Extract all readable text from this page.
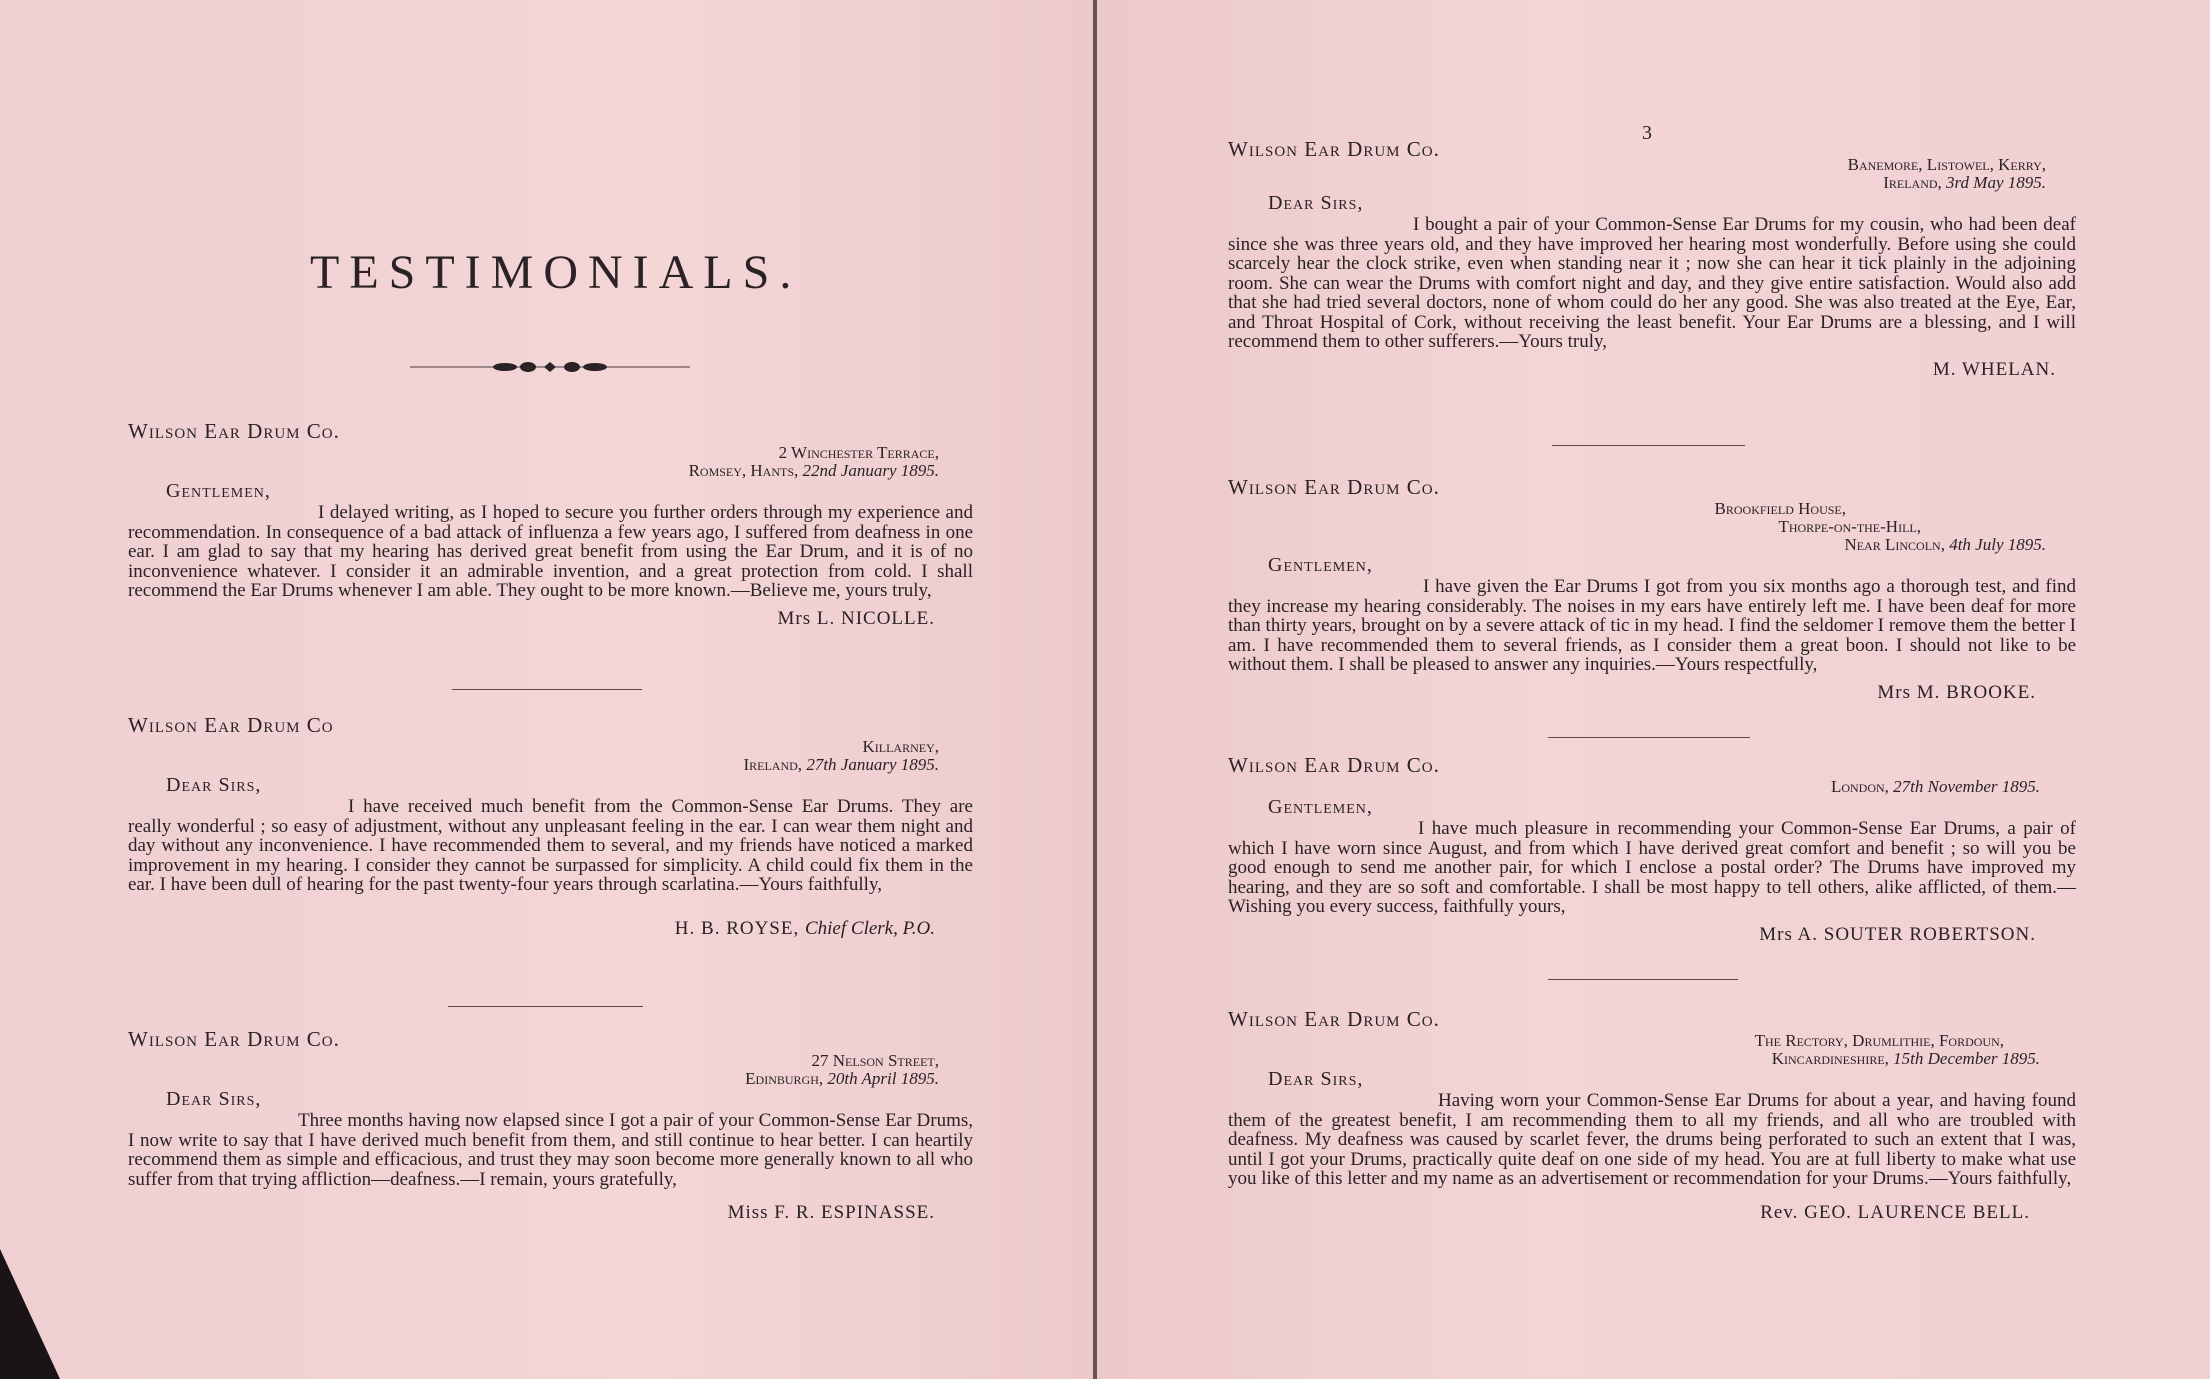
TESTIMONIALS.
Wilson Ear Drum Co.
2 Winchester Terrace,
Romsey, Hants, 22nd January 1895.
Gentlemen,
I delayed writing, as I hoped to secure you further orders through my experience and recommendation. In consequence of a bad attack of influenza a few years ago, I suffered from deafness in one ear. I am glad to say that my hearing has derived great benefit from using the Ear Drum, and it is of no inconvenience whatever. I consider it an admirable invention, and a great protection from cold. I shall recommend the Ear Drums whenever I am able. They ought to be more known.—Believe me, yours truly,
Mrs L. NICOLLE.
Wilson Ear Drum Co
Killarney,
Ireland, 27th January 1895.
Dear Sirs,
I have received much benefit from the Common-Sense Ear Drums. They are really wonderful ; so easy of adjustment, without any unpleasant feeling in the ear. I can wear them night and day without any inconvenience. I have recommended them to several, and my friends have noticed a marked improvement in my hearing. I consider they cannot be surpassed for simplicity. A child could fix them in the ear. I have been dull of hearing for the past twenty-four years through scarlatina.—Yours faithfully,
H. B. ROYSE, Chief Clerk, P.O.
Wilson Ear Drum Co.
27 Nelson Street,
Edinburgh, 20th April 1895.
Dear Sirs,
Three months having now elapsed since I got a pair of your Common-Sense Ear Drums, I now write to say that I have derived much benefit from them, and still continue to hear better. I can heartily recommend them as simple and efficacious, and trust they may soon become more generally known to all who suffer from that trying affliction—deafness.—I remain, yours gratefully,
Miss F. R. ESPINASSE.
3
Wilson Ear Drum Co.
Banemore, Listowel, Kerry,
Ireland, 3rd May 1895.
Dear Sirs,
I bought a pair of your Common-Sense Ear Drums for my cousin, who had been deaf since she was three years old, and they have improved her hearing most wonderfully. Before using she could scarcely hear the clock strike, even when standing near it ; now she can hear it tick plainly in the adjoining room. She can wear the Drums with comfort night and day, and they give entire satisfaction. Would also add that she had tried several doctors, none of whom could do her any good. She was also treated at the Eye, Ear, and Throat Hospital of Cork, without receiving the least benefit. Your Ear Drums are a blessing, and I will recommend them to other sufferers.—Yours truly,
M. WHELAN.
Wilson Ear Drum Co.
Brookfield House,
Thorpe-on-the-Hill,
Near Lincoln, 4th July 1895.
Gentlemen,
I have given the Ear Drums I got from you six months ago a thorough test, and find they increase my hearing considerably. The noises in my ears have entirely left me. I have been deaf for more than thirty years, brought on by a severe attack of tic in my head. I find the seldomer I remove them the better I am. I have recommended them to several friends, as I consider them a great boon. I should not like to be without them. I shall be pleased to answer any inquiries.—Yours respectfully,
Mrs M. BROOKE.
Wilson Ear Drum Co.
London, 27th November 1895.
Gentlemen,
I have much pleasure in recommending your Common-Sense Ear Drums, a pair of which I have worn since August, and from which I have derived great comfort and benefit ; so will you be good enough to send me another pair, for which I enclose a postal order? The Drums have improved my hearing, and they are so soft and comfortable. I shall be most happy to tell others, alike afflicted, of them.—Wishing you every success, faithfully yours,
Mrs A. SOUTER ROBERTSON.
Wilson Ear Drum Co.
The Rectory, Drumlithie, Fordoun,
Kincardineshire, 15th December 1895.
Dear Sirs,
Having worn your Common-Sense Ear Drums for about a year, and having found them of the greatest benefit, I am recommending them to all my friends, and all who are troubled with deafness. My deafness was caused by scarlet fever, the drums being perforated to such an extent that I was, until I got your Drums, practically quite deaf on one side of my head. You are at full liberty to make what use you like of this letter and my name as an advertisement or recommendation for your Drums.—Yours faithfully,
Rev. GEO. LAURENCE BELL.
